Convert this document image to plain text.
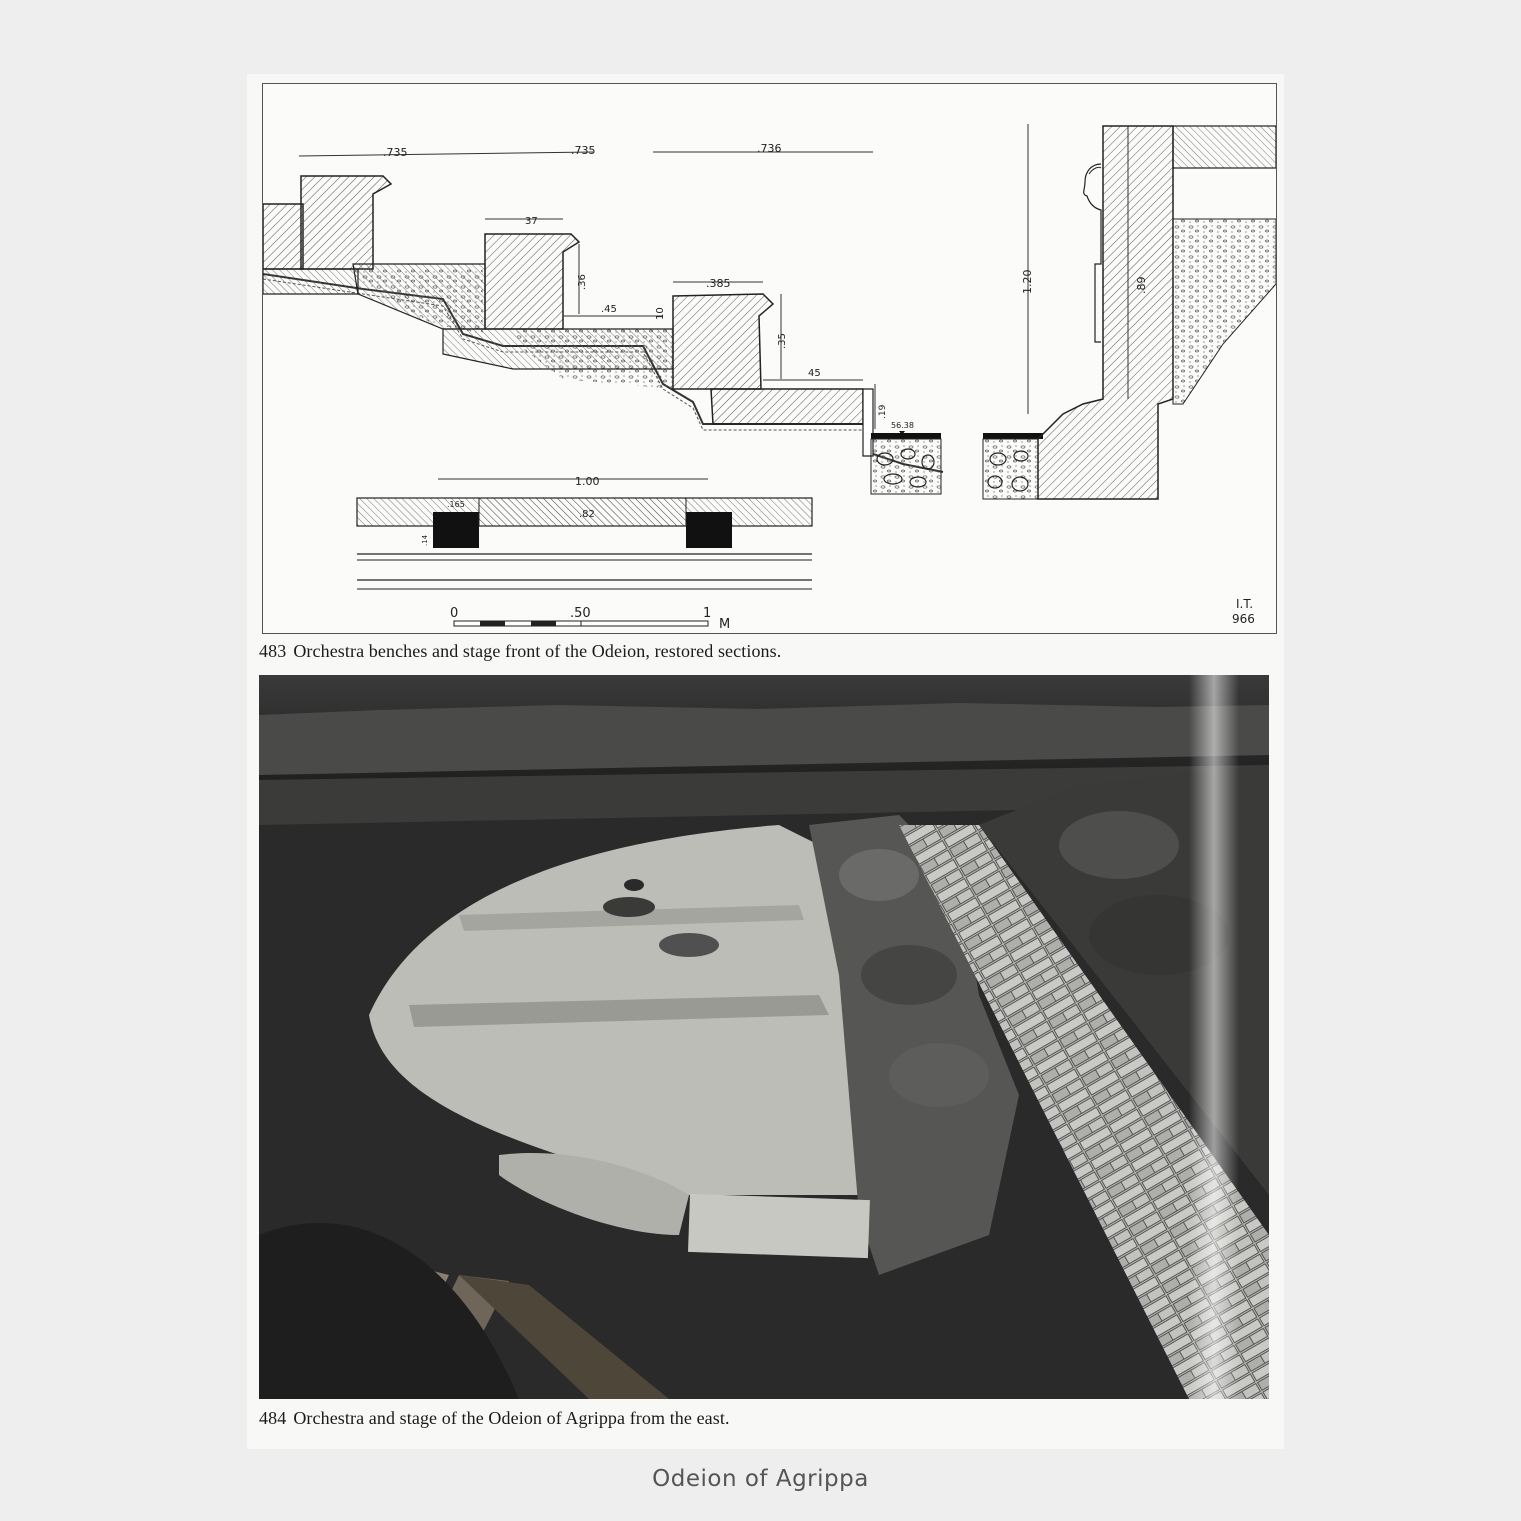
.735	.735	.736
37
.36
.45	10
.385
.35
45
.19
56.38
1.20	.89
1.00
.165
.82
.14
0	.50	1
M
I.T.
966
483 Orchestra benches and stage front of the Odeion, restored sections.
484 Orchestra and stage of the Odeion of Agrippa from the east.
Odeion of Agrippa
